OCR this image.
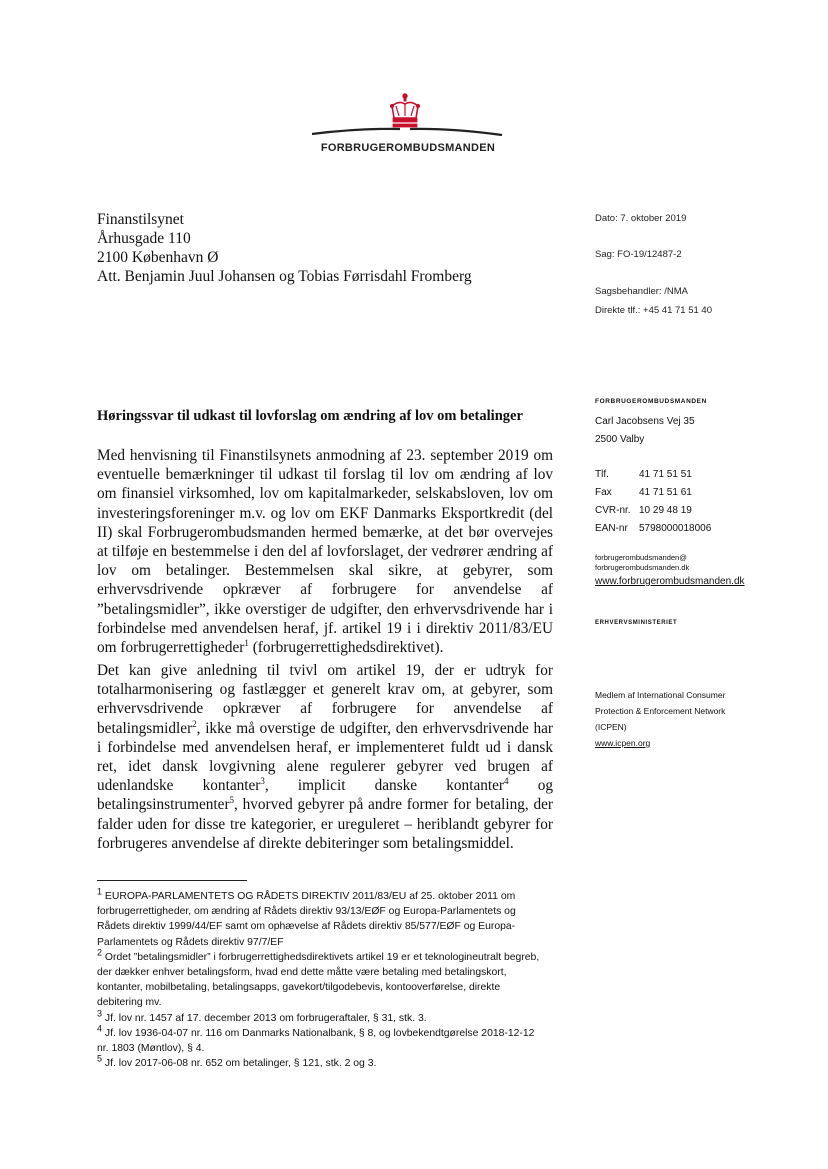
FORBRUGEROMBUDSMANDEN
Finanstilsynet
Århusgade 110
2100 København Ø
Att. Benjamin Juul Johansen og Tobias Førrisdahl Fromberg
Dato: 7. oktober 2019
Sag: FO-19/12487-2
Sagsbehandler: /NMA
Direkte tlf.: +45 41 71 51 40
FORBRUGEROMBUDSMANDEN
Carl Jacobsens Vej 35
2500 Valby
Tlf.	41 71 51 51
Fax	41 71 51 61
CVR-nr. 10 29 48 19
EAN-nr 5798000018006
forbrugerombudsmanden@
forbrugerombudsmanden.dk
www.forbrugerombudsmanden.dk
ERHVERVSMINISTERIET
Medlem af International Consumer
Protection & Enforcement Network
(ICPEN)
www.icpen.org
Høringssvar til udkast til lovforslag om ændring af lov om betalinger
Med henvisning til Finanstilsynets anmodning af 23. september 2019 om eventuelle bemærkninger til udkast til forslag til lov om ændring af lov om finansiel virksomhed, lov om kapitalmarkeder, selskabsloven, lov om investeringsforeninger m.v. og lov om EKF Danmarks Eksportkredit (del II) skal Forbrugerombudsmanden hermed bemærke, at det bør overvejes at tilføje en bestemmelse i den del af lovforslaget, der vedrører ændring af lov om betalinger. Bestemmelsen skal sikre, at gebyrer, som erhvervsdrivende opkræver af forbrugere for anvendelse af ”betalingsmidler”, ikke overstiger de udgifter, den erhvervsdrivende har i forbindelse med anvendelsen heraf, jf. artikel 19 i i direktiv 2011/83/EU om forbrugerrettigheder$^1$ (forbrugerrettighedsdirektivet).
Det kan give anledning til tvivl om artikel 19, der er udtryk for totalharmonisering og fastlægger et generelt krav om, at gebyrer, som erhvervsdrivende opkræver af forbrugere for anvendelse af betalingsmidler$^2$, ikke må overstige de udgifter, den erhvervsdrivende har i forbindelse med anvendelsen heraf, er implementeret fuldt ud i dansk ret, idet dansk lovgivning alene regulerer gebyrer ved brugen af udenlandske kontanter$^3$, implicit danske kontanter$^4$ og betalingsinstrumenter$^5$, hvorved gebyrer på andre former for betaling, der falder uden for disse tre kategorier, er ureguleret – heriblandt gebyrer for forbrugeres anvendelse af direkte debiteringer som betalingsmiddel.

$^1$ EUROPA-PARLAMENTETS OG RÅDETS DIREKTIV 2011/83/EU af 25. oktober 2011 om forbrugerrettigheder, om ændring af Rådets direktiv 93/13/EØF og Europa-Parlamentets og Rådets direktiv 1999/44/EF samt om ophævelse af Rådets direktiv 85/577/EØF og Europa-Parlamentets og Rådets direktiv 97/7/EF

$^2$ Ordet ”betalingsmidler” i forbrugerrettighedsdirektivets artikel 19 er et teknologineutralt begreb, der dækker enhver betalingsform, hvad end dette måtte være betaling med betalingskort, kontanter, mobilbetaling, betalingsapps, gavekort/tilgodebevis, kontooverførelse, direkte debitering mv.

$^3$ Jf. lov nr. 1457 af 17. december 2013 om forbrugeraftaler, § 31, stk. 3.

$^4$ Jf. lov 1936-04-07 nr. 116 om Danmarks Nationalbank, § 8, og lovbekendtgørelse 2018-12-12 nr. 1803 (Møntlov), § 4.

$^5$ Jf. lov 2017-06-08 nr. 652 om betalinger, § 121, stk. 2 og 3.
